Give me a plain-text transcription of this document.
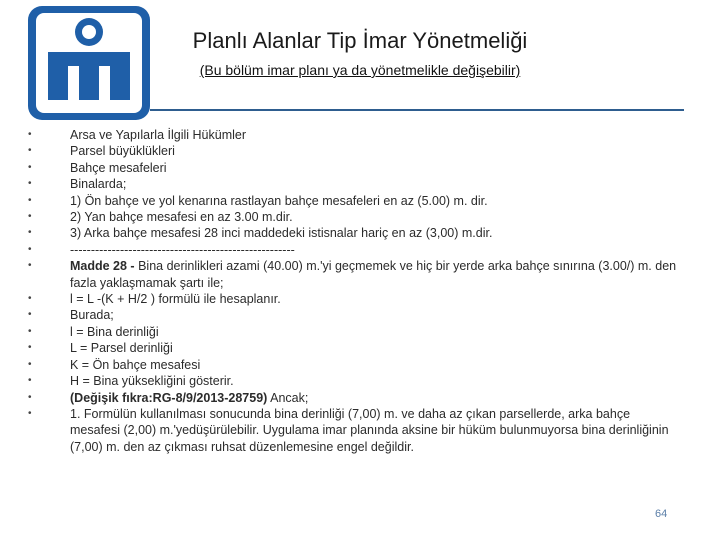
Planlı Alanlar Tip İmar Yönetmeliği
(Bu bölüm imar planı ya da yönetmelikle değişebilir)
•	Arsa ve Yapılarla İlgili Hükümler
•	Parsel büyüklükleri
•	Bahçe mesafeleri
•	Binalarda;
•	1) Ön bahçe ve yol kenarına rastlayan bahçe mesafeleri en az (5.00) m. dir.
•	2) Yan bahçe mesafesi en az 3.00 m.dir.
•	3) Arka bahçe mesafesi 28 inci maddedeki istisnalar hariç en az (3,00) m.dir.
•	------------------------------------------------------
•	Madde 28 - Bina derinlikleri azami (40.00) m.'yi geçmemek ve hiç bir yerde arka bahçe sınırına (3.00/) m. den fazla yaklaşmamak şartı ile;
•	l = L -(K + H/2 ) formülü ile hesaplanır.
•	Burada;
•	l = Bina derinliği
•	L = Parsel derinliği
•	K = Ön bahçe mesafesi
•	H = Bina yüksekliğini gösterir.
•	(Değişik fıkra:RG-8/9/2013-28759) Ancak;
•	1. Formülün kullanılması sonucunda bina derinliği (7,00) m. ve daha az çıkan parsellerde, arka bahçe mesafesi (2,00) m.'yedüşürülebilir. Uygulama imar planında aksine bir hüküm bulunmuyorsa bina derinliğinin (7,00) m. den az çıkması ruhsat düzenlemesine engel değildir.
64
